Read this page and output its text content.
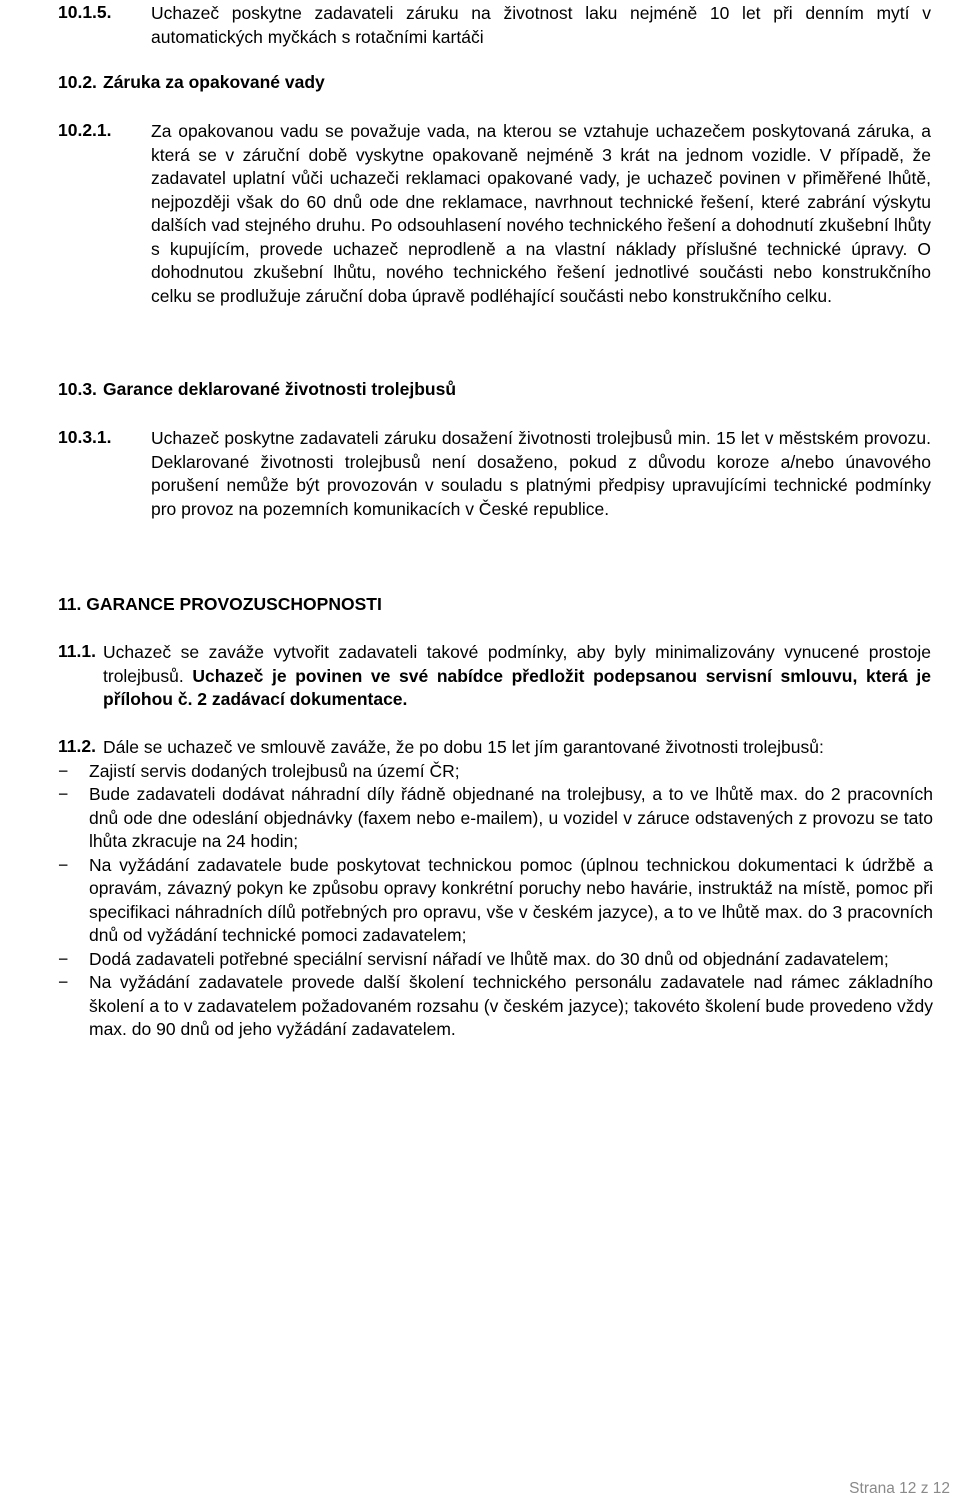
10.1.5. Uchazeč poskytne zadavateli záruku na životnost laku nejméně 10 let při denním mytí v automatických myčkách s rotačními kartáči
10.2. Záruka za opakované vady
10.2.1. Za opakovanou vadu se považuje vada, na kterou se vztahuje uchazečem poskytovaná záruka, a která se v záruční době vyskytne opakovaně nejméně 3 krát na jednom vozidle. V případě, že zadavatel uplatní vůči uchazeči reklamaci opakované vady, je uchazeč povinen v přiměřené lhůtě, nejpozději však do 60 dnů ode dne reklamace, navrhnout technické řešení, které zabrání výskytu dalších vad stejného druhu. Po odsouhlasení nového technického řešení a dohodnutí zkušební lhůty s kupujícím, provede uchazeč neprodleně a na vlastní náklady příslušné technické úpravy. O dohodnutou zkušební lhůtu, nového technického řešení jednotlivé součásti nebo konstrukčního celku se prodlužuje záruční doba úpravě podléhající součásti nebo konstrukčního celku.
10.3. Garance deklarované životnosti trolejbusů
10.3.1. Uchazeč poskytne zadavateli záruku dosažení životnosti trolejbusů min. 15 let v městském provozu. Deklarované životnosti trolejbusů není dosaženo, pokud z důvodu koroze a/nebo únavového porušení nemůže být provozován v souladu s platnými předpisy upravujícími technické podmínky pro provoz na pozemních komunikacích v České republice.
11. GARANCE PROVOZUSCHOPNOSTI
11.1. Uchazeč se zaváže vytvořit zadavateli takové podmínky, aby byly minimalizovány vynucené prostoje trolejbusů. Uchazeč je povinen ve své nabídce předložit podepsanou servisní smlouvu, která je přílohou č. 2 zadávací dokumentace.
11.2. Dále se uchazeč ve smlouvě zaváže, že po dobu 15 let jím garantované životnosti trolejbusů:
− Zajistí servis dodaných trolejbusů na území ČR;
− Bude zadavateli dodávat náhradní díly řádně objednané na trolejbusy, a to ve lhůtě max. do 2 pracovních dnů ode dne odeslání objednávky (faxem nebo e-mailem), u vozidel v záruce odstavených z provozu se tato lhůta zkracuje na 24 hodin;
− Na vyžádání zadavatele bude poskytovat technickou pomoc (úplnou technickou dokumentaci k údržbě a opravám, závazný pokyn ke způsobu opravy konkrétní poruchy nebo havárie, instruktáž na místě, pomoc při specifikaci náhradních dílů potřebných pro opravu, vše v českém jazyce), a to ve lhůtě max. do 3 pracovních dnů od vyžádání technické pomoci zadavatelem;
− Dodá zadavateli potřebné speciální servisní nářadí ve lhůtě max. do 30 dnů od objednání zadavatelem;
− Na vyžádání zadavatele provede další školení technického personálu zadavatele nad rámec základního školení a to v zadavatelem požadovaném rozsahu (v českém jazyce); takovéto školení bude provedeno vždy max. do 90 dnů od jeho vyžádání zadavatelem.
Strana 12 z 12
